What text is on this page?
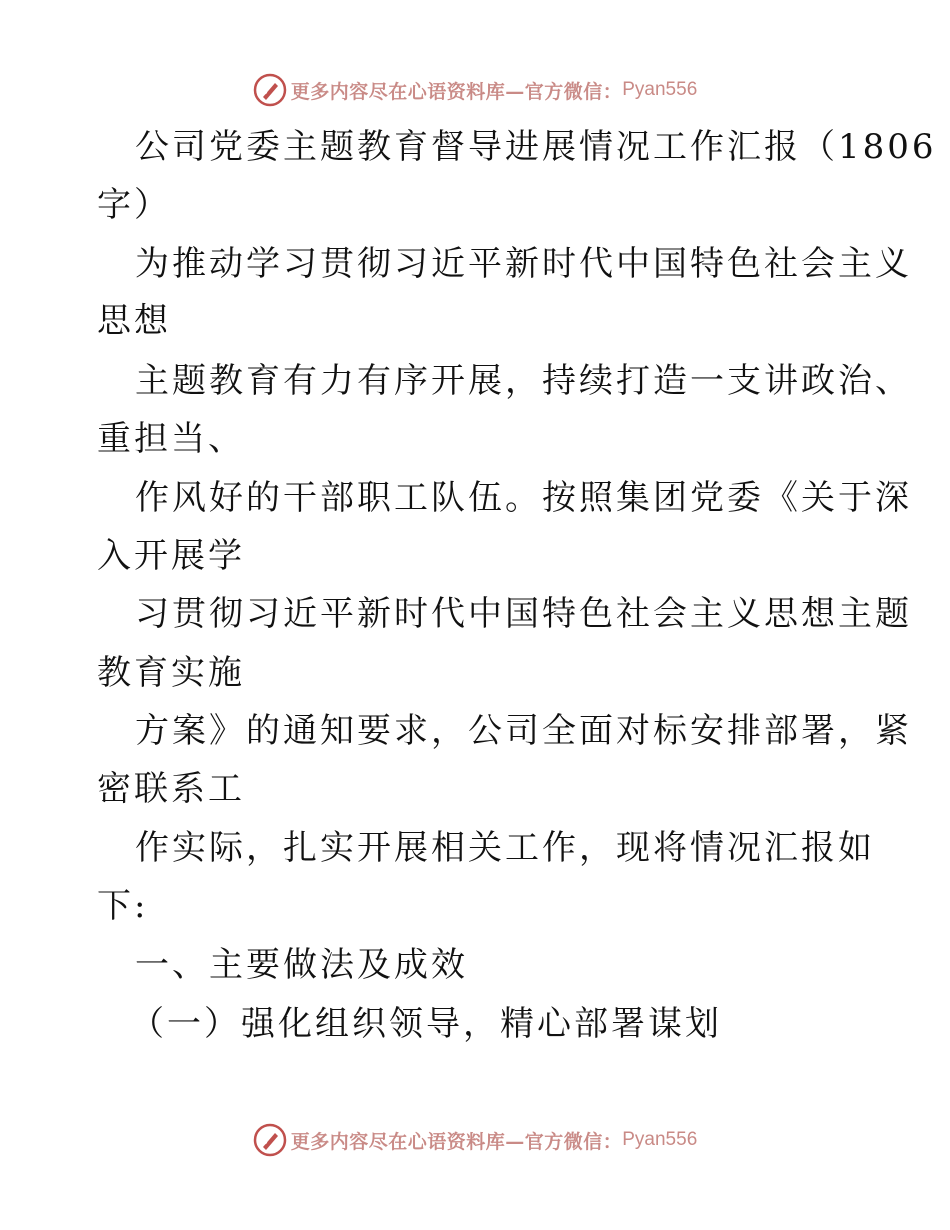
更多内容尽在心语资料库—官方微信： Pyan556
公司党委主题教育督导进展情况工作汇报（1806
字）
为推动学习贯彻习近平新时代中国特色社会主义
思想
主题教育有力有序开展，持续打造一支讲政治、
重担当、
作风好的干部职工队伍。按照集团党委《关于深
入开展学
习贯彻习近平新时代中国特色社会主义思想主题
教育实施
方案》的通知要求，公司全面对标安排部署，紧
密联系工
作实际，扎实开展相关工作，现将情况汇报如
下:
一、主要做法及成效
（一）强化组织领导，精心部署谋划
更多内容尽在心语资料库—官方微信： Pyan556
